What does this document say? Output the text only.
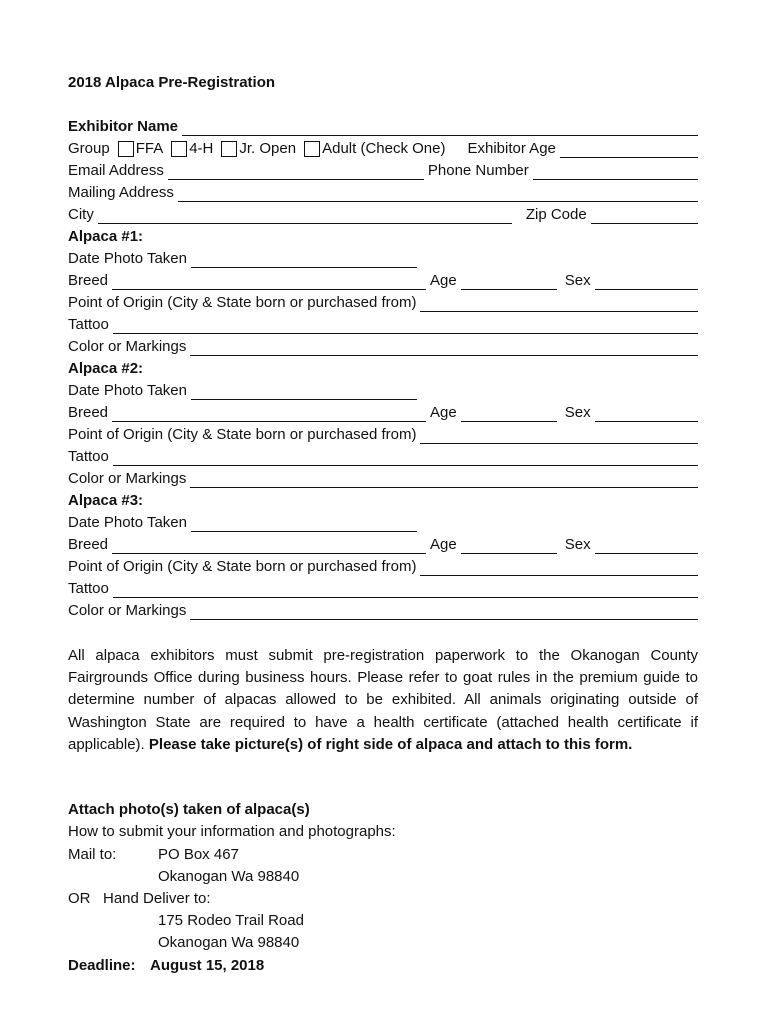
2018 Alpaca Pre-Registration
Exhibitor Name
Group FFA 4-H Jr. Open Adult (Check One) Exhibitor Age
Email Address	Phone Number
Mailing Address
City	Zip Code
Alpaca #1:
Date Photo Taken
Breed	Age	Sex
Point of Origin (City & State born or purchased from)
Tattoo
Color or Markings
Alpaca #2:
Date Photo Taken
Breed	Age	Sex
Point of Origin (City & State born or purchased from)
Tattoo
Color or Markings
Alpaca #3:
Date Photo Taken
Breed	Age	Sex
Point of Origin (City & State born or purchased from)
Tattoo
Color or Markings
All alpaca exhibitors must submit pre-registration paperwork to the Okanogan County Fairgrounds Office during business hours. Please refer to goat rules in the premium guide to determine number of alpacas allowed to be exhibited. All animals originating outside of Washington State are required to have a health certificate (attached health certificate if applicable). Please take picture(s) of right side of alpaca and attach to this form.
Attach photo(s) taken of alpaca(s)
How to submit your information and photographs:
Mail to:	PO Box 467
Okanogan Wa 98840
OR   Hand Deliver to:
175 Rodeo Trail Road
Okanogan Wa 98840
Deadline: August 15, 2018
